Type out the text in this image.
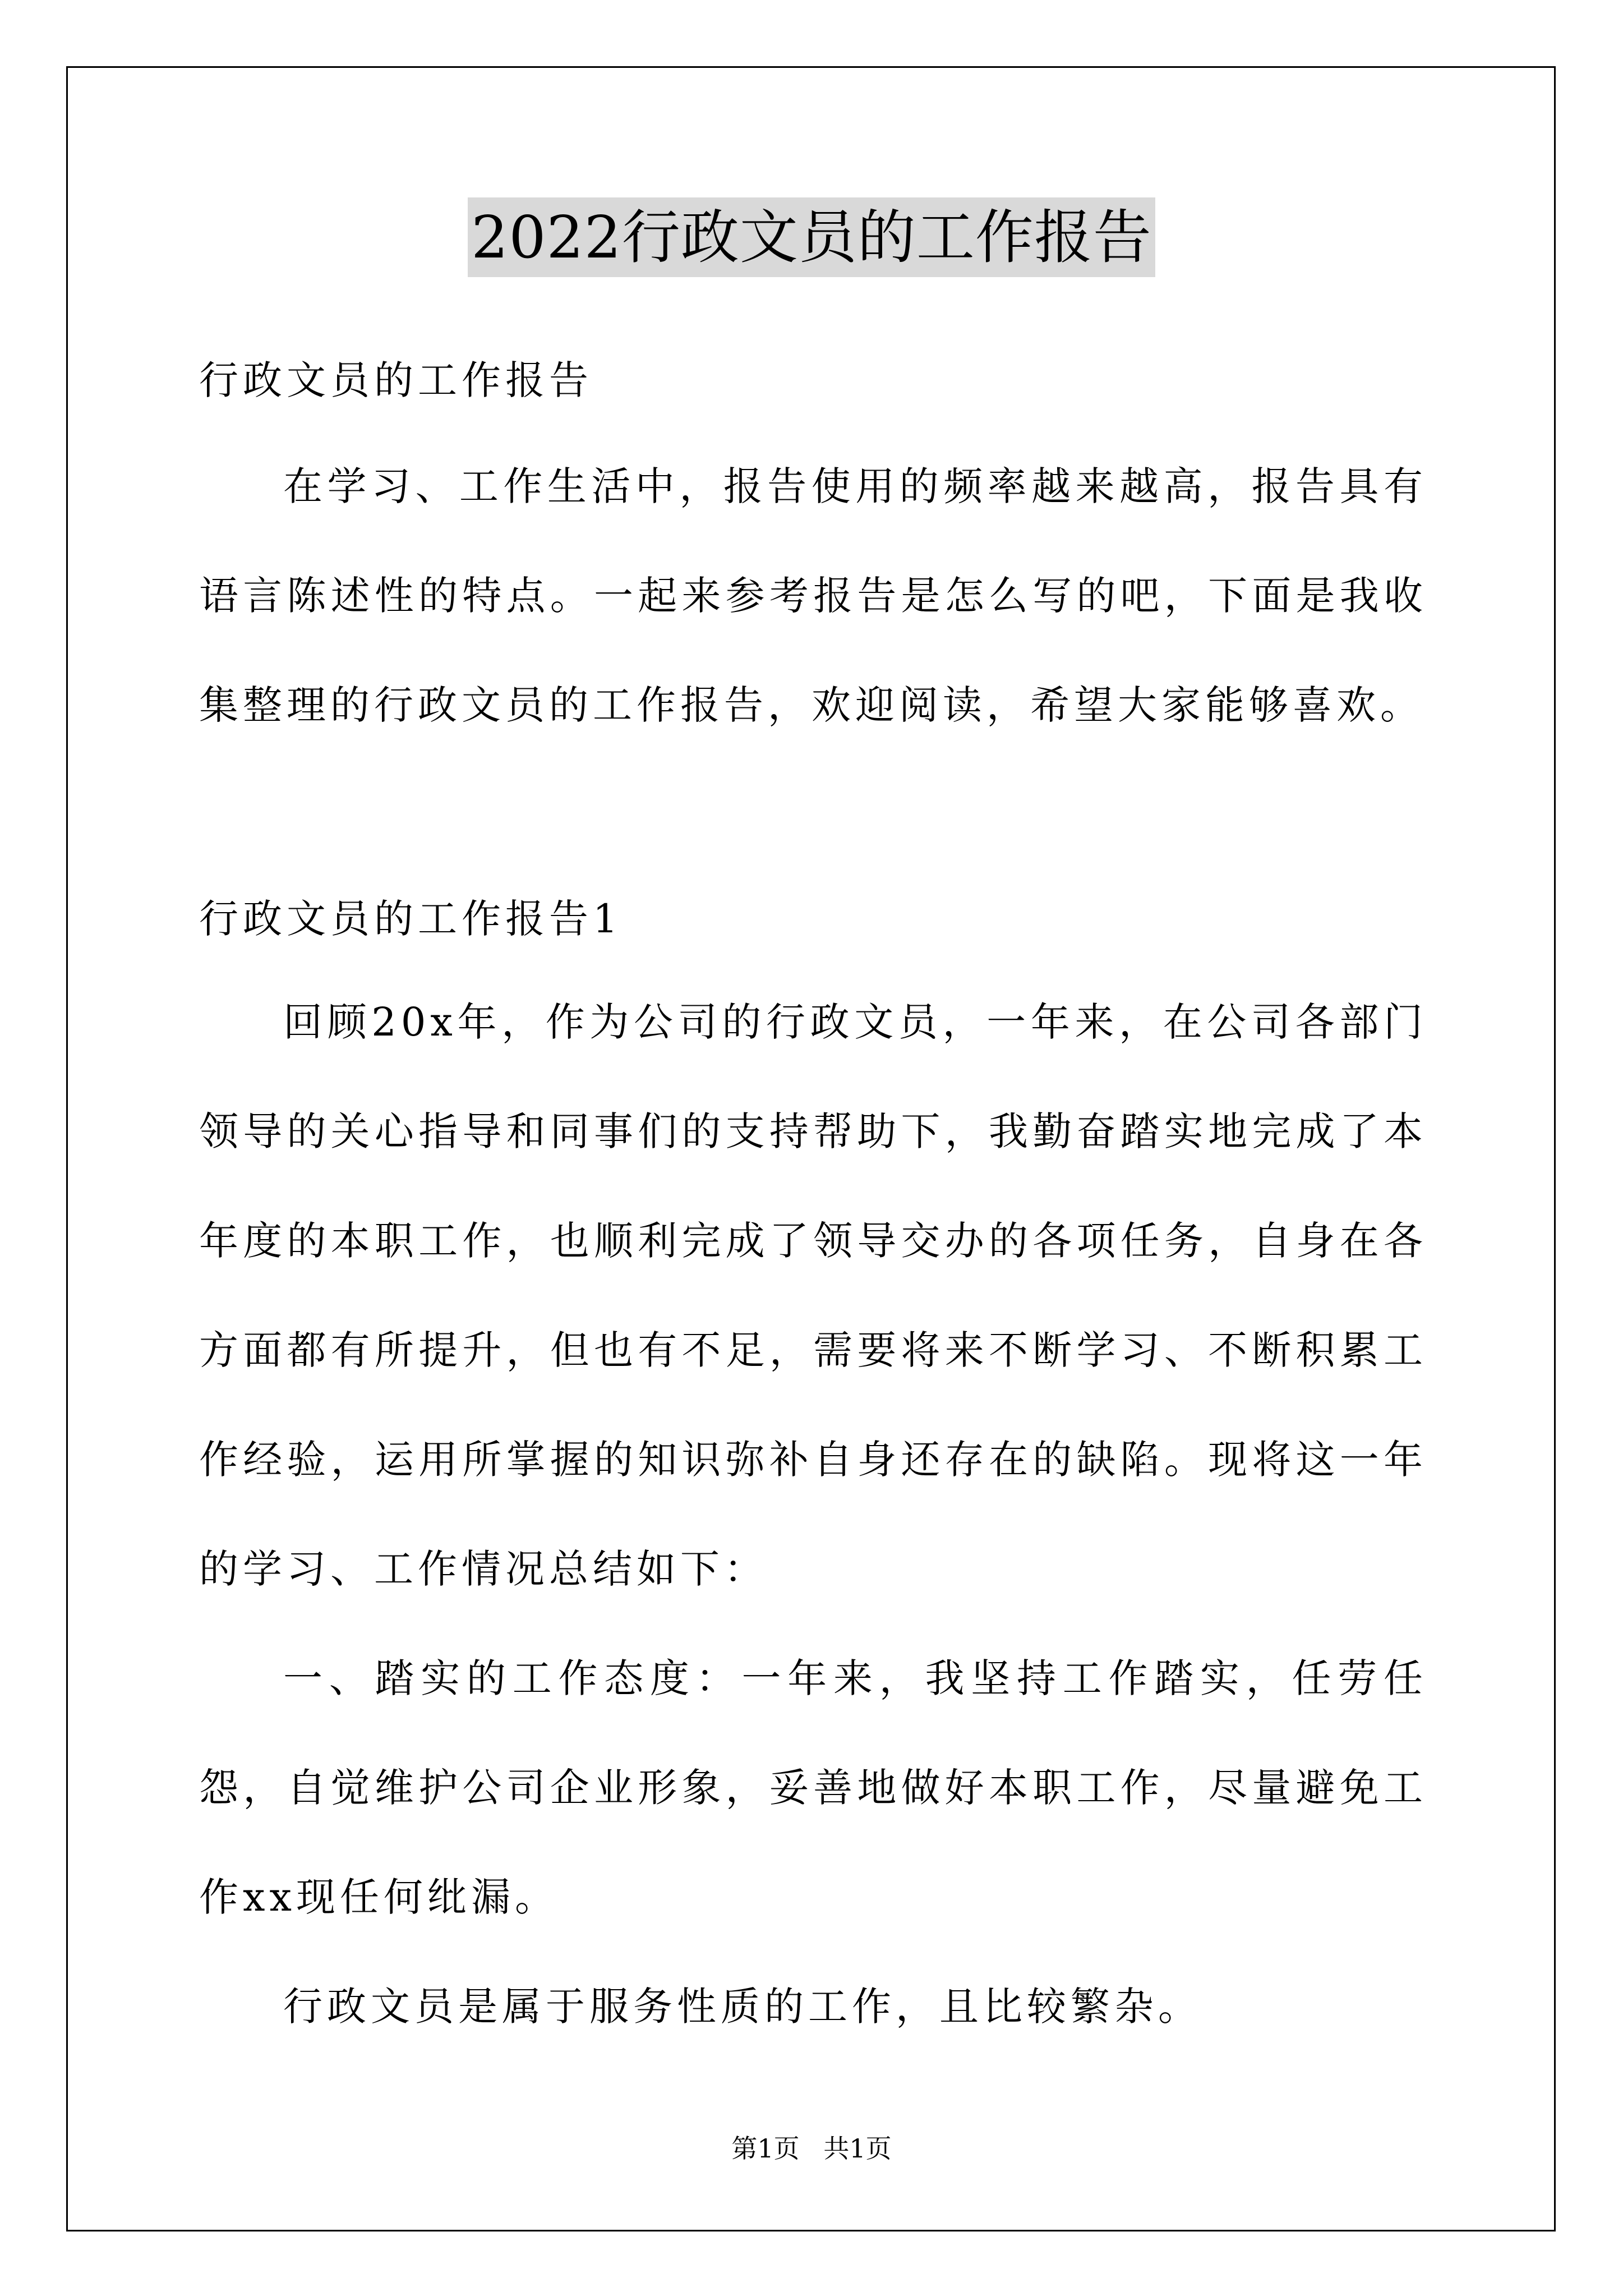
2022行政文员的工作报告

行政文员的工作报告

在学习、工作生活中，报告使用的频率越来越高，报告具有语言陈述性的特点。一起来参考报告是怎么写的吧，下面是我收集整理的行政文员的工作报告，欢迎阅读，希望大家能够喜欢。

行政文员的工作报告1

回顾20x年，作为公司的行政文员，一年来，在公司各部门领导的关心指导和同事们的支持帮助下，我勤奋踏实地完成了本年度的本职工作，也顺利完成了领导交办的各项任务，自身在各方面都有所提升，但也有不足，需要将来不断学习、不断积累工作经验，运用所掌握的知识弥补自身还存在的缺陷。现将这一年的学习、工作情况总结如下：

一、踏实的工作态度：一年来，我坚持工作踏实，任劳任怨，自觉维护公司企业形象，妥善地做好本职工作，尽量避免工作xx现任何纰漏。

行政文员是属于服务性质的工作，且比较繁杂。

第1页 共1页
